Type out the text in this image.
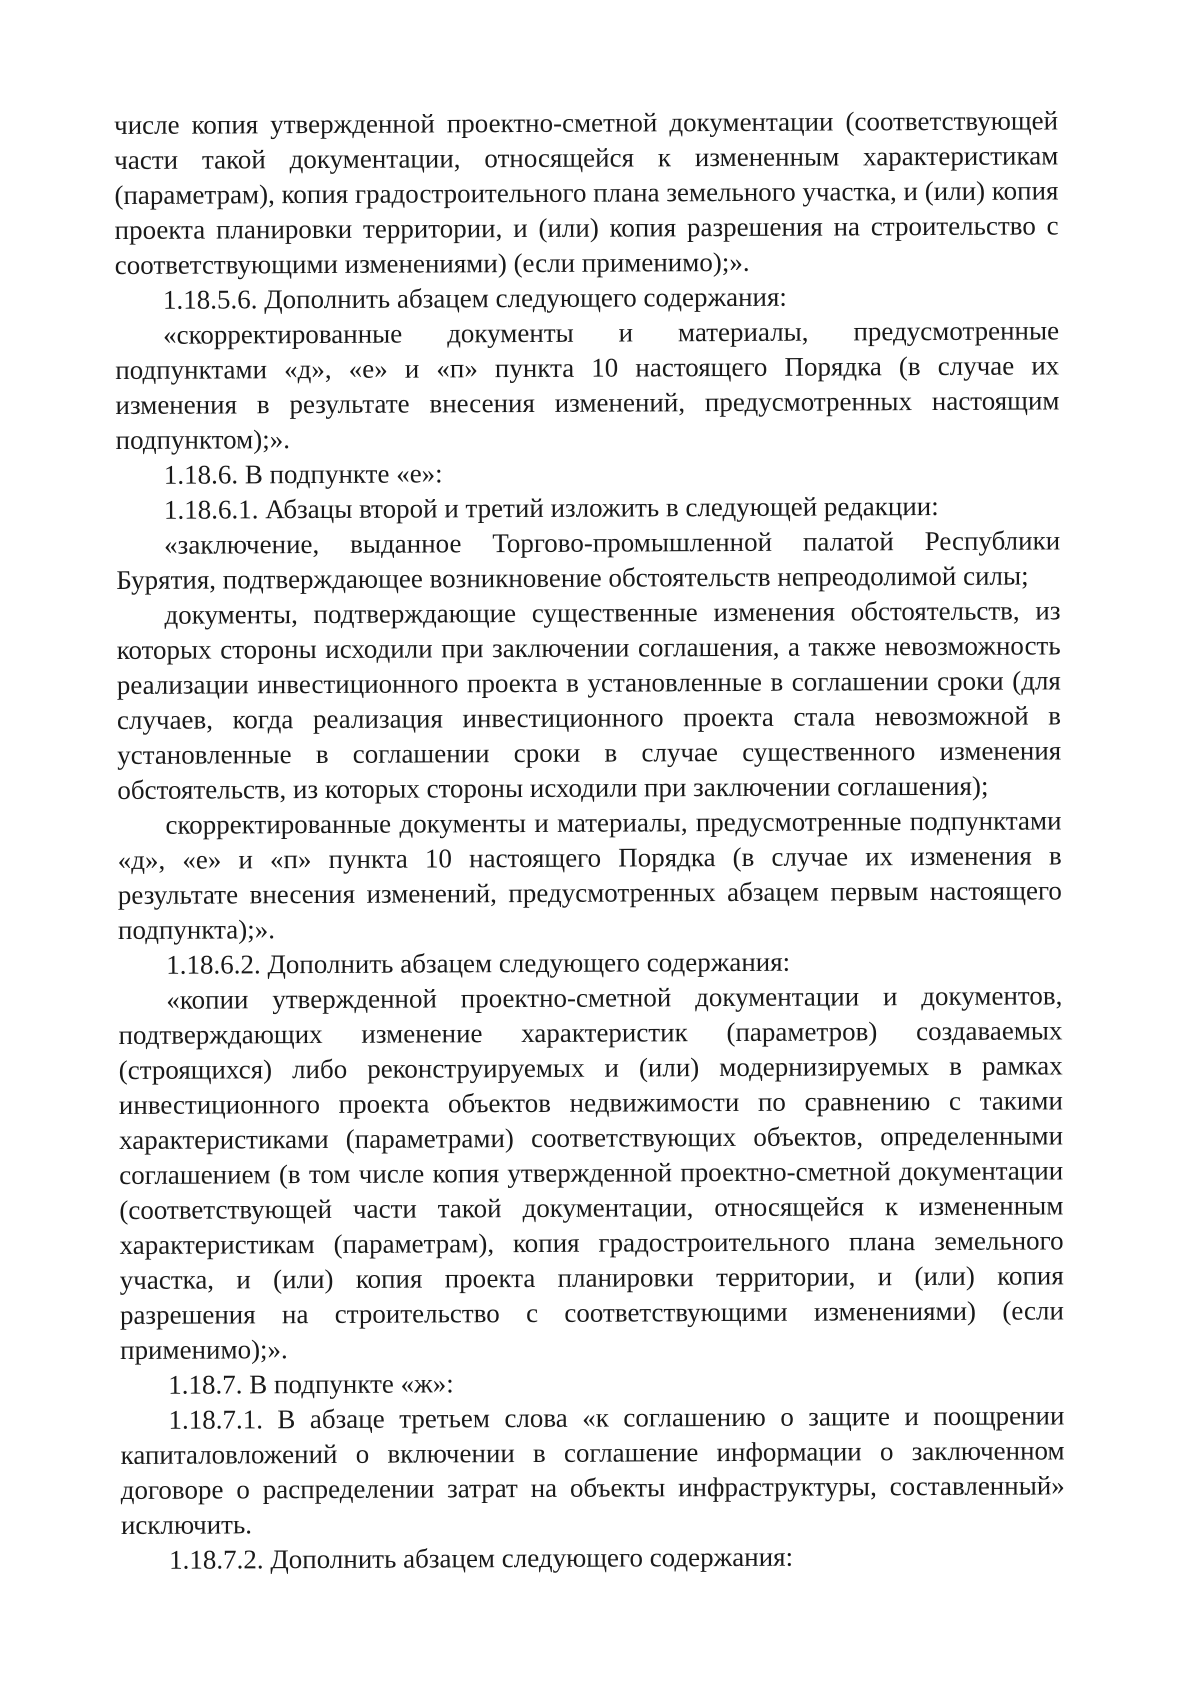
числе копия утвержденной проектно-сметной документации (соответствующей части такой документации, относящейся к измененным характеристикам (параметрам), копия градостроительного плана земельного участка, и (или) копия проекта планировки территории, и (или) копия разрешения на строительство с соответствующими изменениями) (если применимо);».

1.18.5.6. Дополнить абзацем следующего содержания:

«скорректированные документы и материалы, предусмотренные подпунктами «д», «е» и «п» пункта 10 настоящего Порядка (в случае их изменения в результате внесения изменений, предусмотренных настоящим подпунктом);».

1.18.6. В подпункте «е»:

1.18.6.1. Абзацы второй и третий изложить в следующей редакции:

«заключение, выданное Торгово-промышленной палатой Республики Бурятия, подтверждающее возникновение обстоятельств непреодолимой силы;

документы, подтверждающие существенные изменения обстоятельств, из которых стороны исходили при заключении соглашения, а также невозможность реализации инвестиционного проекта в установленные в соглашении сроки (для случаев, когда реализация инвестиционного проекта стала невозможной в установленные в соглашении сроки в случае существенного изменения обстоятельств, из которых стороны исходили при заключении соглашения);

скорректированные документы и материалы, предусмотренные подпунктами «д», «е» и «п» пункта 10 настоящего Порядка (в случае их изменения в результате внесения изменений, предусмотренных абзацем первым настоящего подпункта);».

1.18.6.2. Дополнить абзацем следующего содержания:

«копии утвержденной проектно-сметной документации и документов, подтверждающих изменение характеристик (параметров) создаваемых (строящихся) либо реконструируемых и (или) модернизируемых в рамках инвестиционного проекта объектов недвижимости по сравнению с такими характеристиками (параметрами) соответствующих объектов, определенными соглашением (в том числе копия утвержденной проектно-сметной документации (соответствующей части такой документации, относящейся к измененным характеристикам (параметрам), копия градостроительного плана земельного участка, и (или) копия проекта планировки территории, и (или) копия разрешения на строительство с соответствующими изменениями) (если применимо);».

1.18.7. В подпункте «ж»:

1.18.7.1. В абзаце третьем слова «к соглашению о защите и поощрении капиталовложений о включении в соглашение информации о заключенном договоре о распределении затрат на объекты инфраструктуры, составленный» исключить.

1.18.7.2. Дополнить абзацем следующего содержания:
